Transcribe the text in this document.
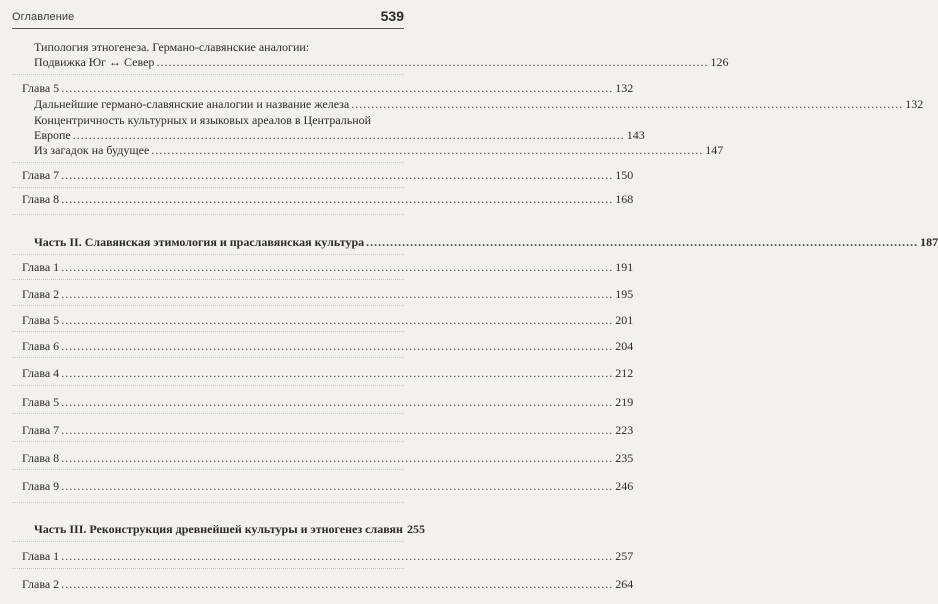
Оглавление	539
Типология этногенеза. Германо-славянские аналогии:
Подвижка Юг ↔ Север .......................................................................................................................................... 126
Глава 5 .......................................................................................................................................... 132
Дальнейшие германо-славянские аналогии и название железа .......................................................................................................................................... 132
Концентричность культурных и языковых ареалов в Центральной
Европе .......................................................................................................................................... 143
Из загадок на будущее .......................................................................................................................................... 147
Глава 7 .......................................................................................................................................... 150
Глава 8 .......................................................................................................................................... 168
Часть II. Славянская этимология и праславянская культура .......................................................................................................................................... 187
Глава 1 .......................................................................................................................................... 191
Глава 2 .......................................................................................................................................... 195
Глава 5 .......................................................................................................................................... 201
Глава 6 .......................................................................................................................................... 204
Глава 4 .......................................................................................................................................... 212
Глава 5 .......................................................................................................................................... 219
Глава 7 .......................................................................................................................................... 223
Глава 8 .......................................................................................................................................... 235
Глава 9 .......................................................................................................................................... 246
Часть III. Реконструкция древнейшей культуры и этногенез славян 255
Глава 1 .......................................................................................................................................... 257
Глава 2 .......................................................................................................................................... 264
